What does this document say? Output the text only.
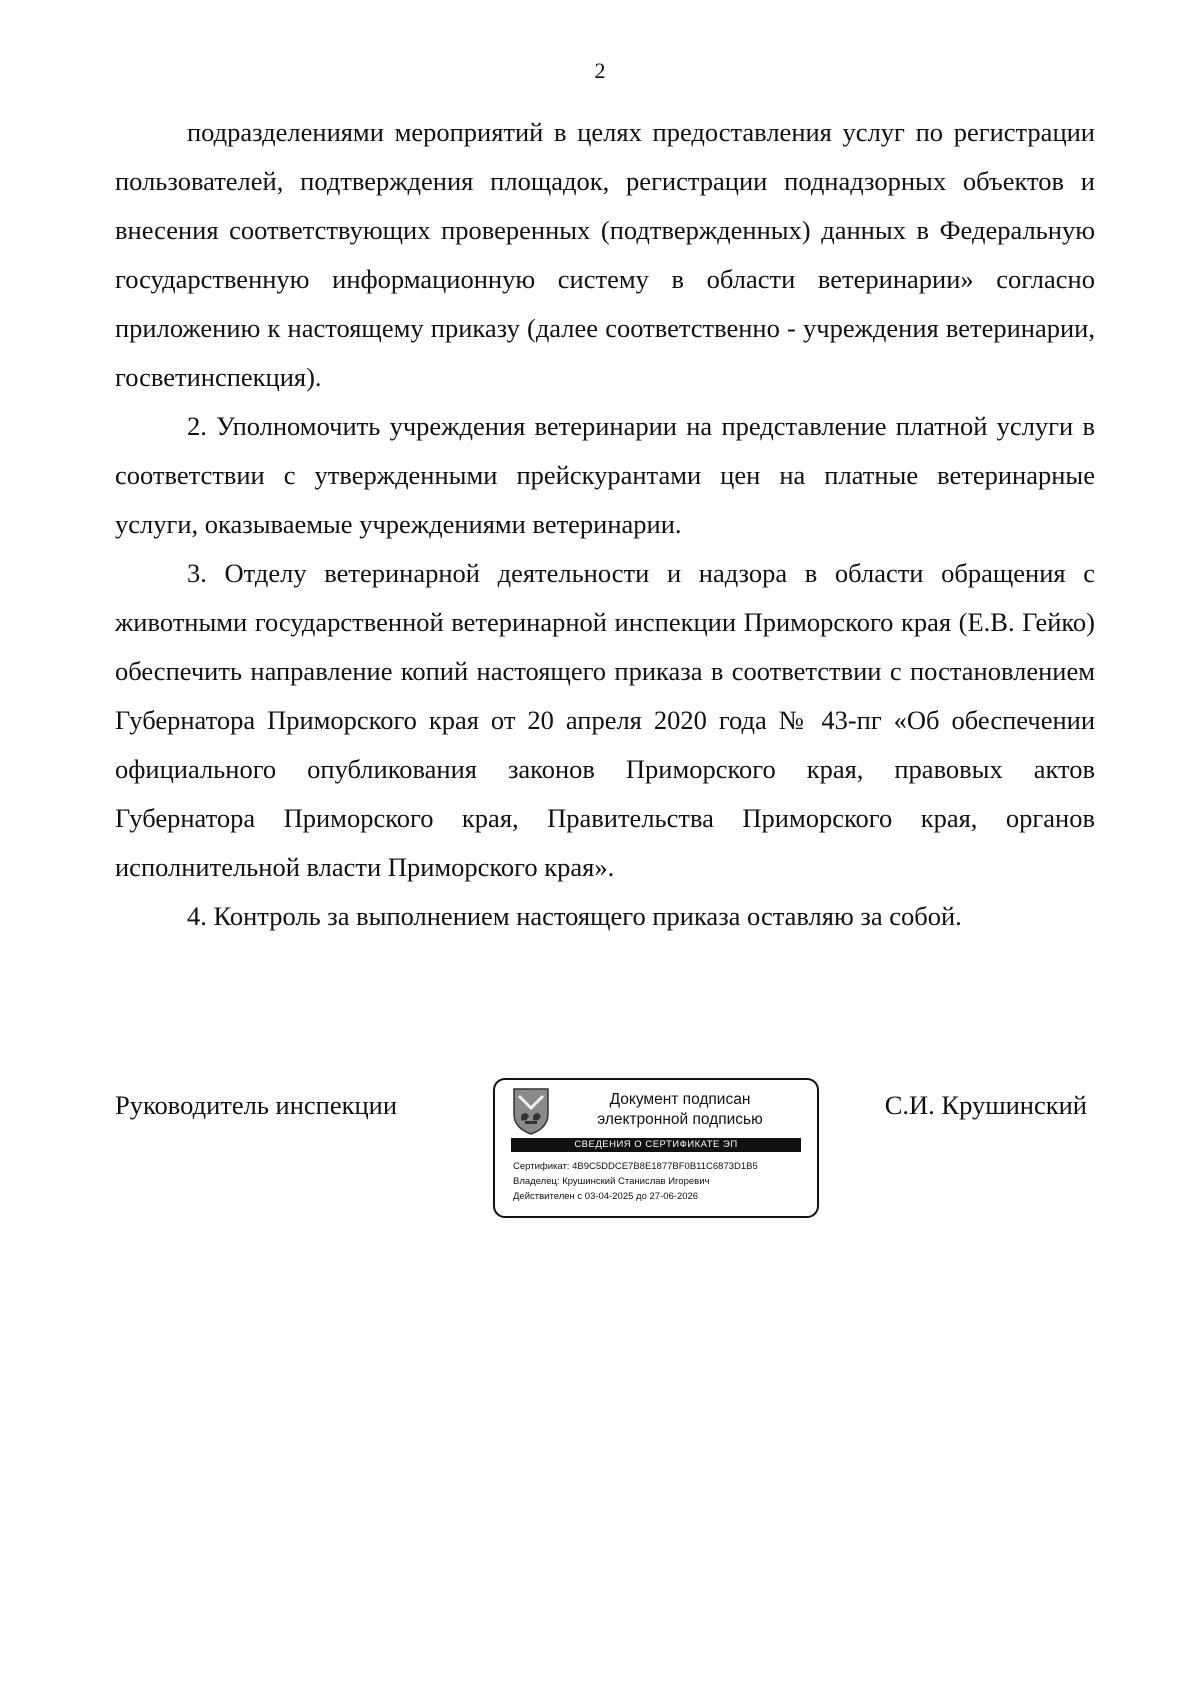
2

подразделениями мероприятий в целях предоставления услуг по регистрации пользователей, подтверждения площадок, регистрации поднадзорных объектов и внесения соответствующих проверенных (подтвержденных) данных в Федеральную государственную информационную систему в области ветеринарии» согласно приложению к настоящему приказу (далее соответственно - учреждения ветеринарии, госветинспекция).

2. Уполномочить учреждения ветеринарии на представление платной услуги в соответствии с утвержденными прейскурантами цен на платные ветеринарные услуги, оказываемые учреждениями ветеринарии.

3. Отделу ветеринарной деятельности и надзора в области обращения с животными государственной ветеринарной инспекции Приморского края (Е.В. Гейко) обеспечить направление копий настоящего приказа в соответствии с постановлением Губернатора Приморского края от 20 апреля 2020 года № 43-пг «Об обеспечении официального опубликования законов Приморского края, правовых актов Губернатора Приморского края, Правительства Приморского края, органов исполнительной власти Приморского края».

4. Контроль за выполнением настоящего приказа оставляю за собой.

Руководитель инспекции	Документ подписан
электронной подписью
СВЕДЕНИЯ О СЕРТИФИКАТЕ ЭП
Сертификат: 4B9C5DDCE7B8E1877BF0B11C6873D1B5
Владелец: Крушинский Станислав Игоревич
Действителен с 03-04-2025 до 27-06-2026
С.И. Крушинский
